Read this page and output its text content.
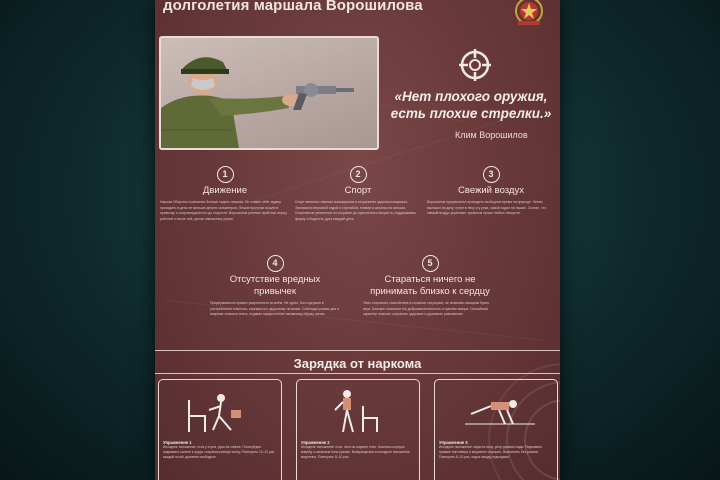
долголетия маршала Ворошилова
«Нет плохого оружия, есть плохие стрелки.»
Клим Ворошилов
1
Движение
Нарком Обороны стремился больше ходить пешком. Он ставил себе задачу проходить в день не меньше десяти километров. Пешие прогулки вошли в привычку и сопровождали его до старости. Ворошилов успевал пройтись перед работой и после неё, делая гимнастику утром.
2
Спорт
Спорт являлся главным помощником в сохранении здоровья маршала. Занимался верховой ездой и стрельбой, плавал и катался на коньках. Спортивные увлечения он сохранял до преклонного возраста, поддерживая форму и бодрость духа каждый день.
3
Свежий воздух
Ворошилов предпочитал проводить свободное время на природе. Летом выезжал на дачу, гулял в лесу и у реки, зимой ходил на лыжах. Считал, что свежий воздух укрепляет организм лучше любых лекарств.
4
Отсутствие вредных привычек
Придерживался правил умеренности во всём. Не курил, был сдержан в употреблении алкоголя, стремился к здоровому питанию. Соблюдал режим дня и вовремя ложился спать, отдавая предпочтение активному образу жизни.
5
Стараться ничего не принимать близко к сердцу
Умел сохранять спокойствие в сложных ситуациях, не позволял эмоциям брать верх. Близкие отмечали его доброжелательность и чувство юмора. Спокойный характер помогал сохранять здоровье и душевное равновесие.
Зарядка от наркома
Упражнение 1
Исходное положение: стоя у стула, руки на спинке. Поочерёдно поднимать колени к груди, сохраняя ровную спину. Повторить 10–12 раз каждой ногой, дыхание свободное.
Упражнение 2
Исходное положение: стоя, ноги на ширине плеч. Наклоны корпуса вперёд с касанием пола руками. Возвращаться в исходное положение медленно. Повторить 8–10 раз.
Упражнение 3
Исходное положение: сидя на полу, упор руками сзади. Поднимать прямые ноги вверх и медленно опускать. Выполнять без рывков. Повторить 8–10 раз, отдых между подходами.
